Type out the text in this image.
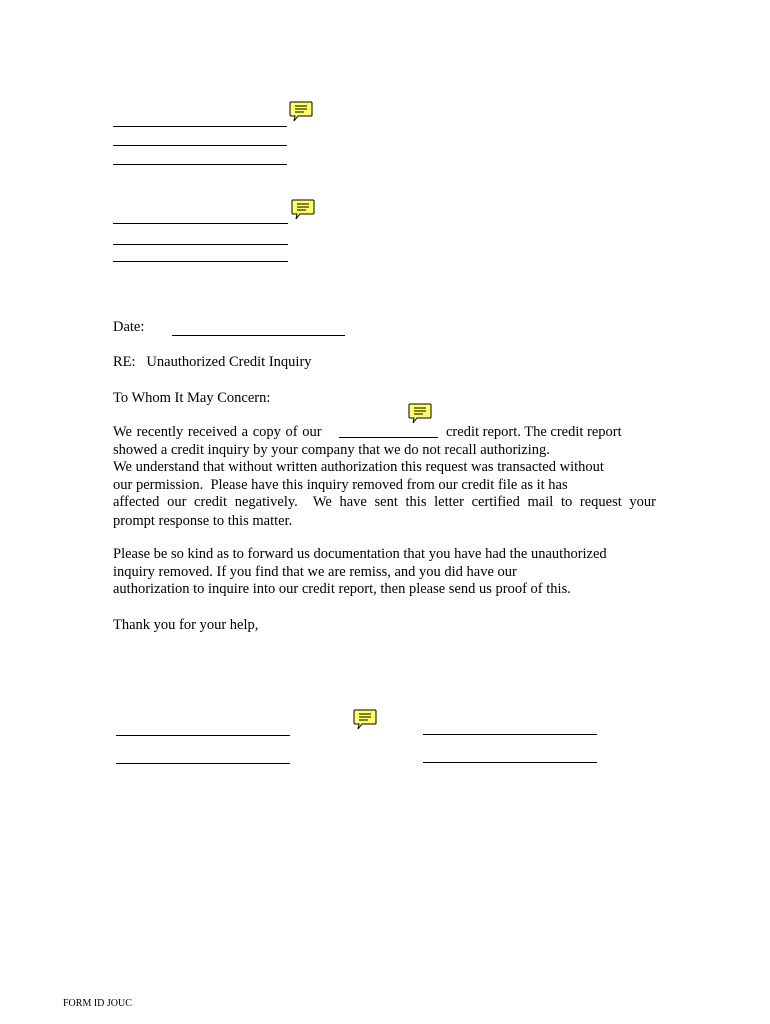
Date:
RE:   Unauthorized Credit Inquiry
To Whom It May Concern:
We recently received a copy of our	credit report. The credit report
showed a credit inquiry by your company that we do not recall authorizing.
We understand that without written authorization this request was transacted without
our permission.  Please have this inquiry removed from our credit file as it has
affected our credit negatively.  We have sent this letter certified mail to request your
prompt response to this matter.
Please be so kind as to forward us documentation that you have had the unauthorized
inquiry removed. If you find that we are remiss, and you did have our
authorization to inquire into our credit report, then please send us proof of this.
Thank you for your help,
FORM ID JOUC
